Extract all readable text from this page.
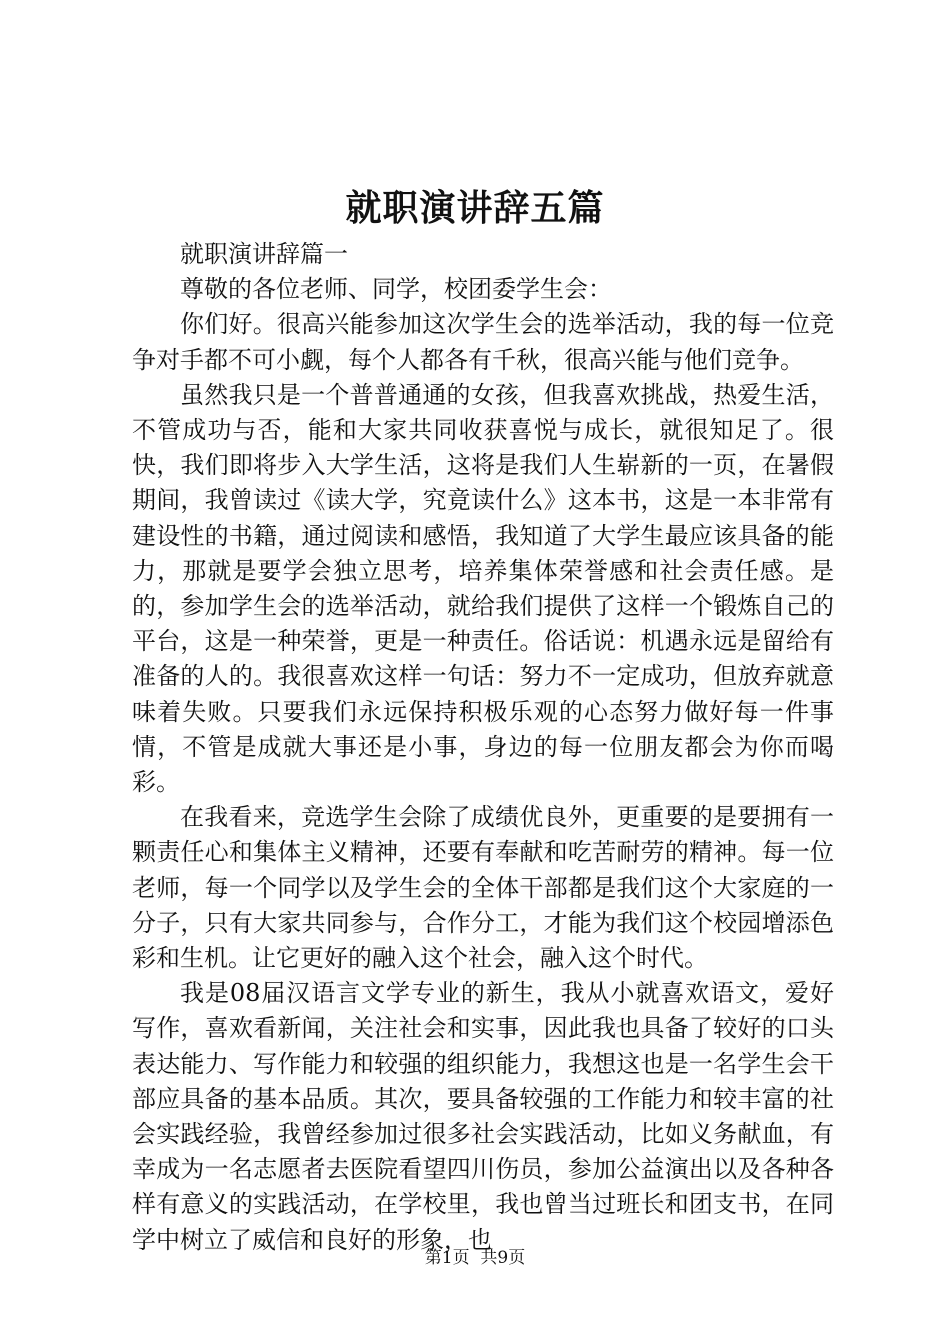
就职演讲辞五篇

就职演讲辞篇一

尊敬的各位老师、同学，校团委学生会：

你们好。很高兴能参加这次学生会的选举活动，我的每一位竞争对手都不可小觑，每个人都各有千秋，很高兴能与他们竞争。

虽然我只是一个普普通通的女孩，但我喜欢挑战，热爱生活，不管成功与否，能和大家共同收获喜悦与成长，就很知足了。很快，我们即将步入大学生活，这将是我们人生崭新的一页，在暑假期间，我曾读过《读大学，究竟读什么》这本书，这是一本非常有建设性的书籍，通过阅读和感悟，我知道了大学生最应该具备的能力，那就是要学会独立思考，培养集体荣誉感和社会责任感。是的，参加学生会的选举活动，就给我们提供了这样一个锻炼自己的平台，这是一种荣誉，更是一种责任。俗话说：机遇永远是留给有准备的人的。我很喜欢这样一句话：努力不一定成功，但放弃就意味着失败。只要我们永远保持积极乐观的心态努力做好每一件事情，不管是成就大事还是小事，身边的每一位朋友都会为你而喝彩。

在我看来，竞选学生会除了成绩优良外，更重要的是要拥有一颗责任心和集体主义精神，还要有奉献和吃苦耐劳的精神。每一位老师，每一个同学以及学生会的全体干部都是我们这个大家庭的一分子，只有大家共同参与，合作分工，才能为我们这个校园增添色彩和生机。让它更好的融入这个社会，融入这个时代。

我是08届汉语言文学专业的新生，我从小就喜欢语文，爱好写作，喜欢看新闻，关注社会和实事，因此我也具备了较好的口头表达能力、写作能力和较强的组织能力，我想这也是一名学生会干部应具备的基本品质。其次，要具备较强的工作能力和较丰富的社会实践经验，我曾经参加过很多社会实践活动，比如义务献血，有幸成为一名志愿者去医院看望四川伤员，参加公益演出以及各种各样有意义的实践活动，在学校里，我也曾当过班长和团支书，在同学中树立了威信和良好的形象，也

第1页 共9页
